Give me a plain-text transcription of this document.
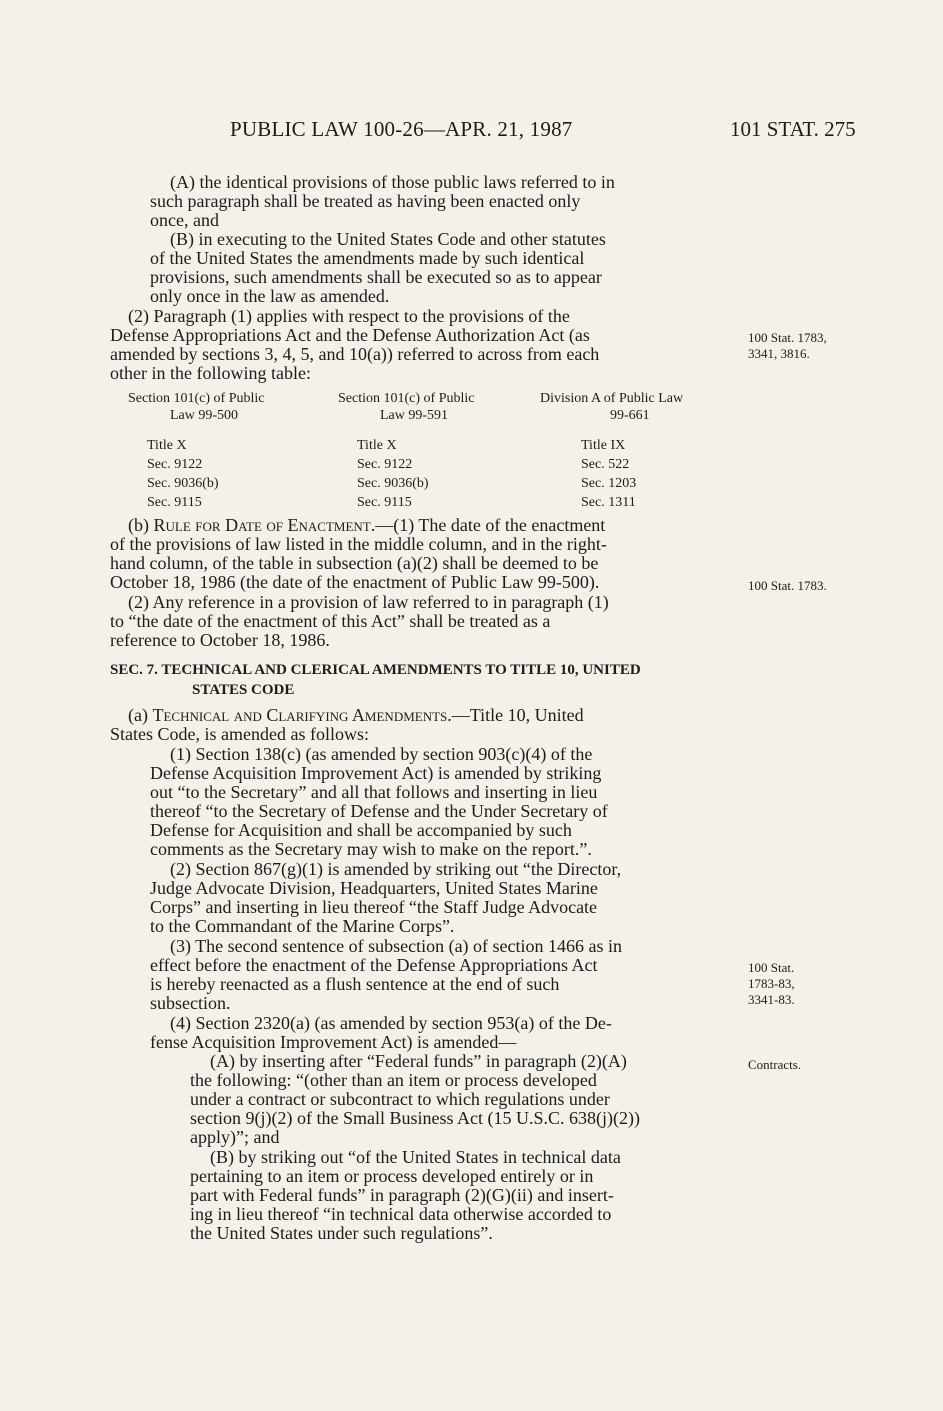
PUBLIC LAW 100-26—APR. 21, 1987	101 STAT. 275
(A) the identical provisions of those public laws referred to in
such paragraph shall be treated as having been enacted only
once, and
(B) in executing to the United States Code and other statutes
of the United States the amendments made by such identical
provisions, such amendments shall be executed so as to appear
only once in the law as amended.
(2) Paragraph (1) applies with respect to the provisions of the
Defense Appropriations Act and the Defense Authorization Act (as
amended by sections 3, 4, 5, and 10(a)) referred to across from each
other in the following table:
100 Stat. 1783,
3341, 3816.
Section 101(c) of Public
Law 99-500
Section 101(c) of Public
Law 99-591
Division A of Public Law
99-661
Title X
Sec. 9122
Sec. 9036(b)
Sec. 9115
Title X
Sec. 9122
Sec. 9036(b)
Sec. 9115
Title IX
Sec. 522
Sec. 1203
Sec. 1311
(b) Rule for Date of Enactment.—(1) The date of the enactment
of the provisions of law listed in the middle column, and in the right-
hand column, of the table in subsection (a)(2) shall be deemed to be
October 18, 1986 (the date of the enactment of Public Law 99-500).
(2) Any reference in a provision of law referred to in paragraph (1)
to “the date of the enactment of this Act” shall be treated as a
reference to October 18, 1986.
100 Stat. 1783.
SEC. 7. TECHNICAL AND CLERICAL AMENDMENTS TO TITLE 10, UNITED
STATES CODE
(a) Technical and Clarifying Amendments.—Title 10, United
States Code, is amended as follows:
(1) Section 138(c) (as amended by section 903(c)(4) of the
Defense Acquisition Improvement Act) is amended by striking
out “to the Secretary” and all that follows and inserting in lieu
thereof “to the Secretary of Defense and the Under Secretary of
Defense for Acquisition and shall be accompanied by such
comments as the Secretary may wish to make on the report.”.
(2) Section 867(g)(1) is amended by striking out “the Director,
Judge Advocate Division, Headquarters, United States Marine
Corps” and inserting in lieu thereof “the Staff Judge Advocate
to the Commandant of the Marine Corps”.
(3) The second sentence of subsection (a) of section 1466 as in
effect before the enactment of the Defense Appropriations Act
is hereby reenacted as a flush sentence at the end of such
subsection.
(4) Section 2320(a) (as amended by section 953(a) of the De-
fense Acquisition Improvement Act) is amended—
(A) by inserting after “Federal funds” in paragraph (2)(A)
the following: “(other than an item or process developed
under a contract or subcontract to which regulations under
section 9(j)(2) of the Small Business Act (15 U.S.C. 638(j)(2))
apply)”; and
(B) by striking out “of the United States in technical data
pertaining to an item or process developed entirely or in
part with Federal funds” in paragraph (2)(G)(ii) and insert-
ing in lieu thereof “in technical data otherwise accorded to
the United States under such regulations”.
100 Stat.
1783-83,
3341-83.
Contracts.
